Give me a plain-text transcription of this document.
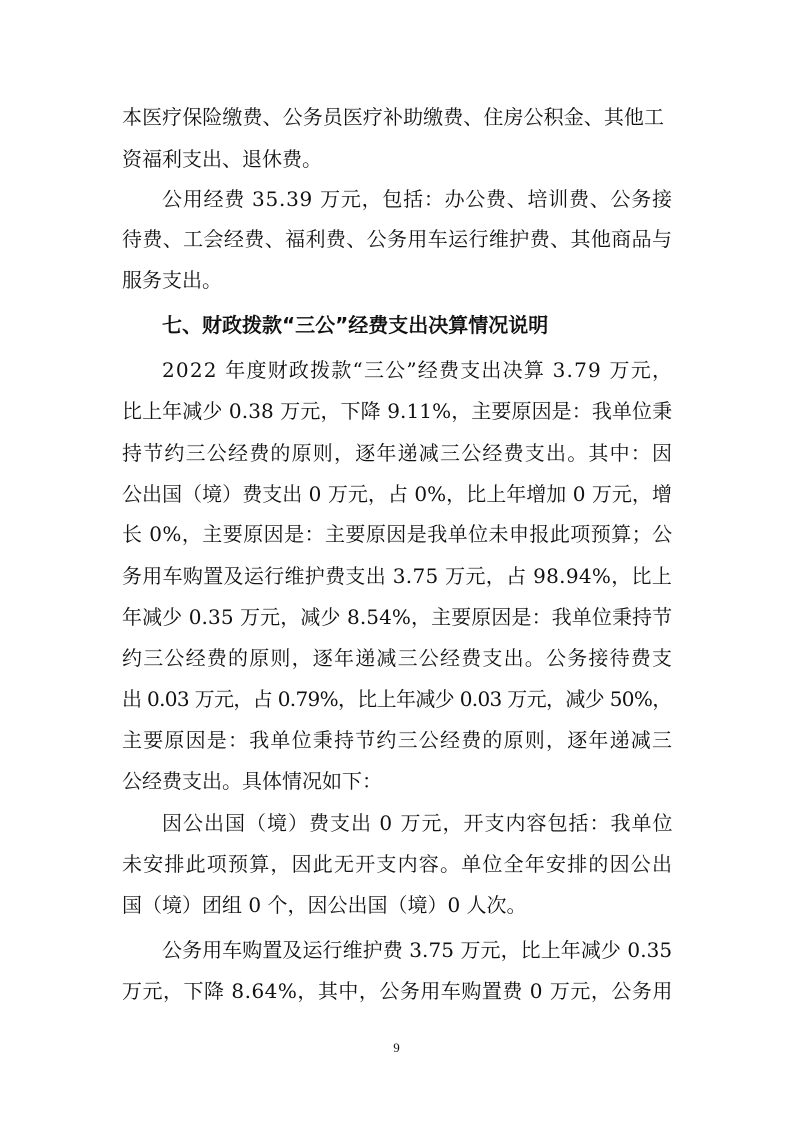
本医疗保险缴费、公务员医疗补助缴费、住房公积金、其他工
资福利支出、退休费。
公用经费 35.39 万元，包括：办公费、培训费、公务接
待费、工会经费、福利费、公务用车运行维护费、其他商品与
服务支出。
七、财政拨款“三公”经费支出决算情况说明
2022 年度财政拨款“三公”经费支出决算 3.79 万元，
比上年减少 0.38 万元，下降 9.11%，主要原因是：我单位秉
持节约三公经费的原则，逐年递减三公经费支出。其中：因
公出国（境）费支出 0 万元，占 0%，比上年增加 0 万元，增
长 0%，主要原因是：主要原因是我单位未申报此项预算；公
务用车购置及运行维护费支出 3.75 万元，占 98.94%，比上
年减少 0.35 万元，减少 8.54%，主要原因是：我单位秉持节
约三公经费的原则，逐年递减三公经费支出。公务接待费支
出 0.03 万元，占 0.79%，比上年减少 0.03 万元，减少 50%，
主要原因是：我单位秉持节约三公经费的原则，逐年递减三
公经费支出。具体情况如下：
因公出国（境）费支出 0 万元，开支内容包括：我单位
未安排此项预算，因此无开支内容。单位全年安排的因公出
国（境）团组 0 个，因公出国（境）0 人次。
公务用车购置及运行维护费 3.75 万元，比上年减少 0.35
万元，下降 8.64%，其中，公务用车购置费 0 万元，公务用
9
